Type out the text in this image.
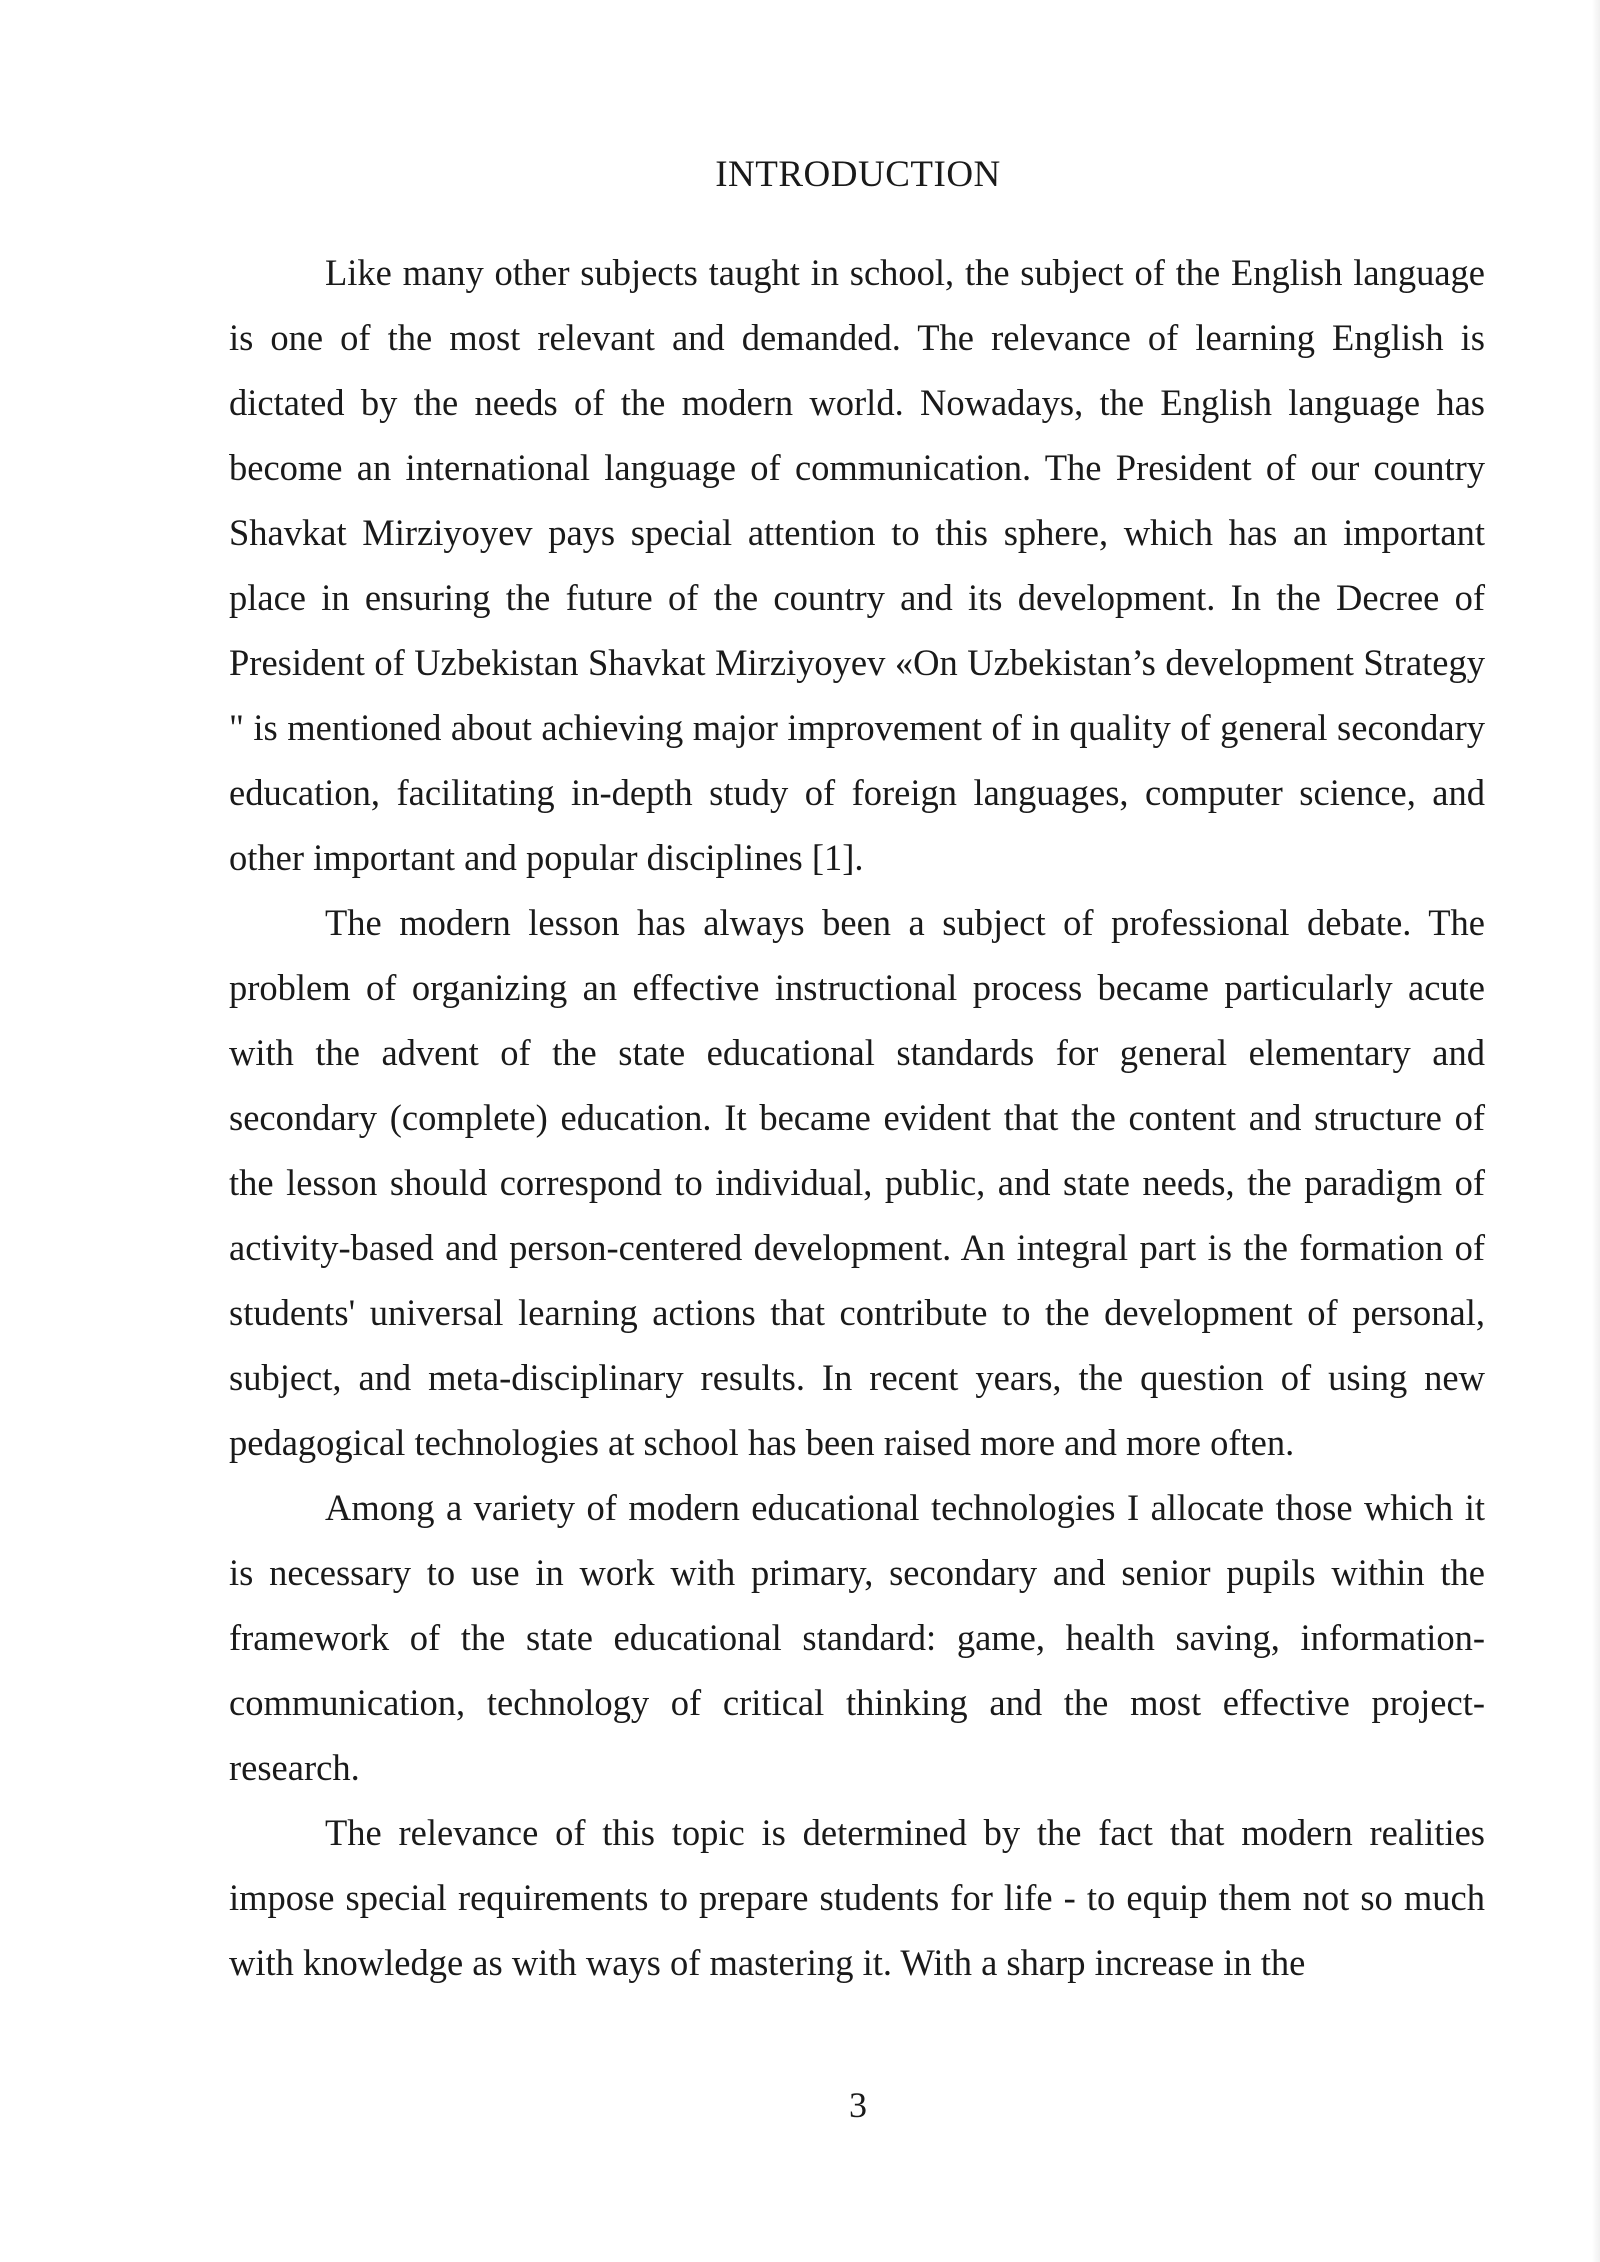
INTRODUCTION

Like many other subjects taught in school, the subject of the English language is one of the most relevant and demanded. The relevance of learning English is dictated by the needs of the modern world. Nowadays, the English language has become an international language of communication. The President of our country Shavkat Mirziyoyev pays special attention to this sphere, which has an important place in ensuring the future of the country and its development. In the Decree of President of Uzbekistan Shavkat Mirziyoyev «On Uzbekistan’s development Strategy " is mentioned about achieving major improvement of in quality of general secondary education, facilitating in-depth study of foreign languages, computer science, and other important and popular disciplines [1].

The modern lesson has always been a subject of professional debate. The problem of organizing an effective instructional process became particularly acute with the advent of the state educational standards for general elementary and secondary (complete) education. It became evident that the content and structure of the lesson should correspond to individual, public, and state needs, the paradigm of activity-based and person-centered development. An integral part is the formation of students' universal learning actions that contribute to the development of personal, subject, and meta-disciplinary results. In recent years, the question of using new pedagogical technologies at school has been raised more and more often.

Among a variety of modern educational technologies I allocate those which it is necessary to use in work with primary, secondary and senior pupils within the framework of the state educational standard: game, health saving, information-communication, technology of critical thinking and the most effective project-research.

The relevance of this topic is determined by the fact that modern realities impose special requirements to prepare students for life - to equip them not so much with knowledge as with ways of mastering it. With a sharp increase in the

3
